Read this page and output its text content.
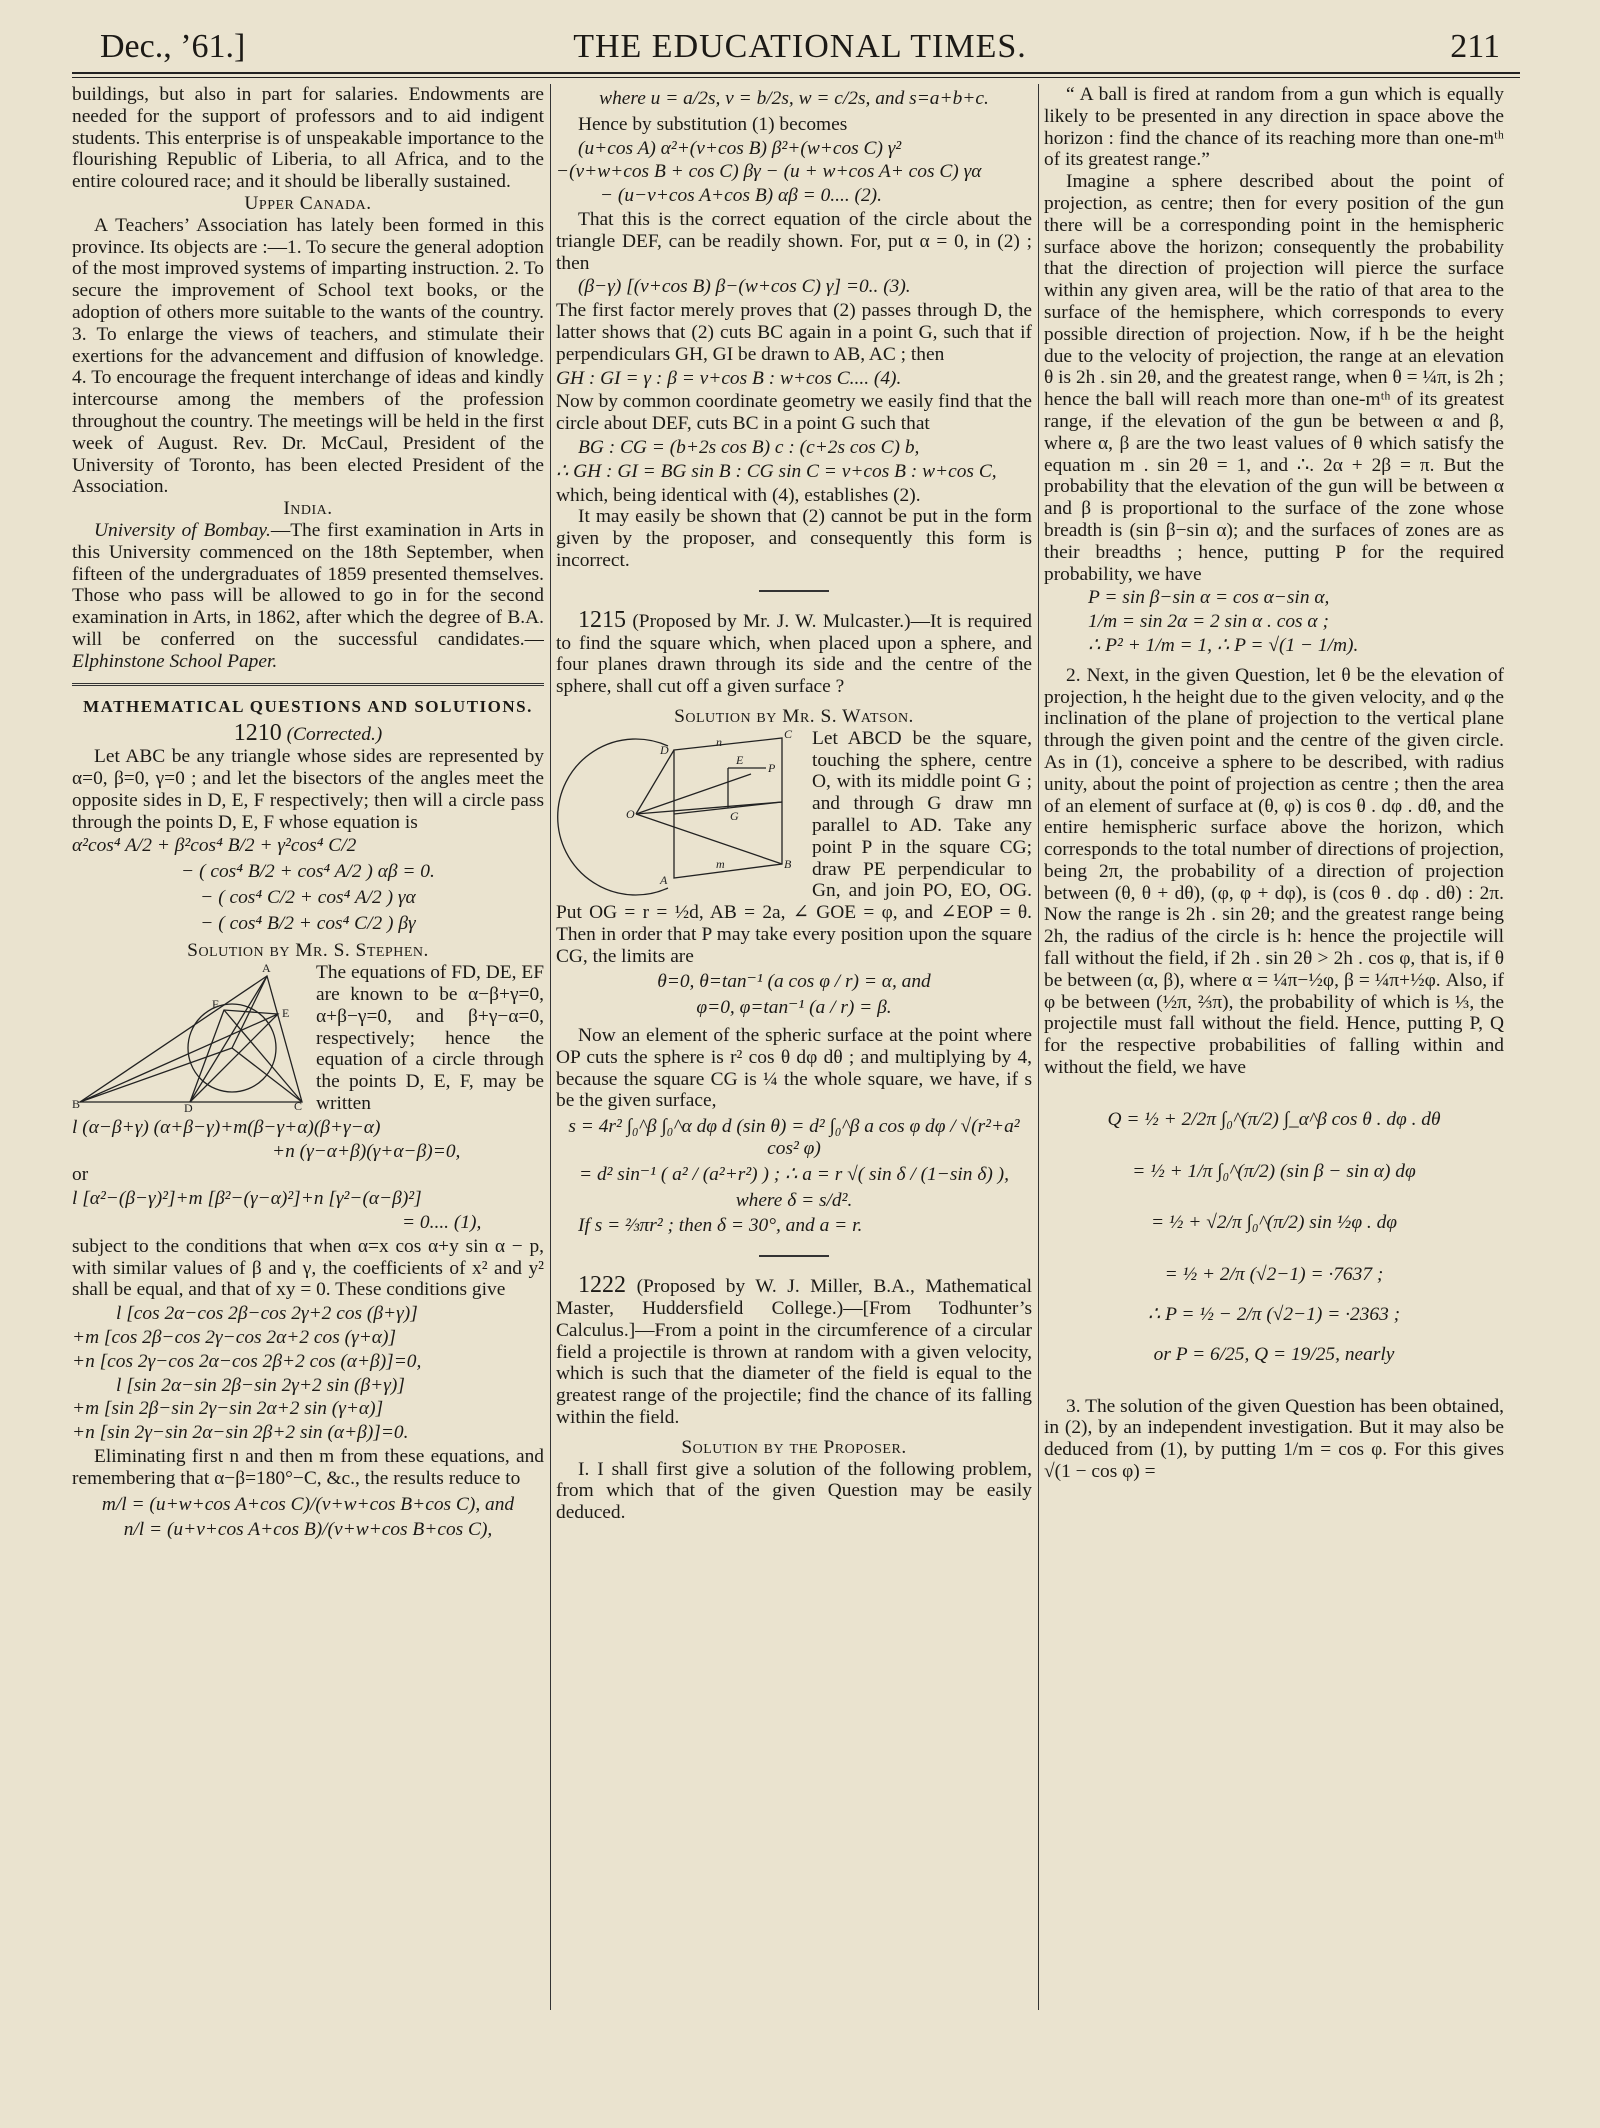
Dec., ’61.]	THE EDUCATIONAL TIMES.	211

buildings, but also in part for salaries. Endowments are needed for the support of professors and to aid indigent students. This enterprise is of unspeakable importance to the flourishing Republic of Liberia, to all Africa, and to the entire coloured race; and it should be liberally sustained.

Upper Canada.

A Teachers’ Association has lately been formed in this province. Its objects are :—1. To secure the general adoption of the most improved systems of imparting instruction. 2. To secure the improvement of School text books, or the adoption of others more suitable to the wants of the country. 3. To enlarge the views of teachers, and stimulate their exertions for the advancement and diffusion of knowledge. 4. To encourage the frequent interchange of ideas and kindly intercourse among the members of the profession throughout the country. The meetings will be held in the first week of August. Rev. Dr. McCaul, President of the University of Toronto, has been elected President of the Association.

India.

University of Bombay.—The first examination in Arts in this University commenced on the 18th September, when fifteen of the undergraduates of 1859 presented themselves. Those who pass will be allowed to go in for the second examination in Arts, in 1862, after which the degree of B.A. will be conferred on the successful candidates.—Elphinstone School Paper.

MATHEMATICAL QUESTIONS AND SOLUTIONS.

1210 (Corrected.)

Let ABC be any triangle whose sides are represented by α=0, β=0, γ=0 ; and let the bisectors of the angles meet the opposite sides in D, E, F respectively; then will a circle pass through the points D, E, F whose equation is

α²cos⁴ A/2 + β²cos⁴ B/2 + γ²cos⁴ C/2

− ( cos⁴ B/2 + cos⁴ A/2 ) αβ = 0.

− ( cos⁴ C/2 + cos⁴ A/2 ) γα

− ( cos⁴ B/2 + cos⁴ C/2 ) βγ

Solution by Mr. S. Stephen.

A
B	C
D
E
F

The equations of FD, DE, EF are known to be α−β+γ=0, α+β−γ=0, and β+γ−α=0, respectively; hence the equation of a circle through the points D, E, F, may be written

l (α−β+γ) (α+β−γ)+m(β−γ+α)(β+γ−α)

+n (γ−α+β)(γ+α−β)=0,

or

l [α²−(β−γ)²]+m [β²−(γ−α)²]+n [γ²−(α−β)²]

= 0.... (1),

subject to the conditions that when α=x cos α+y sin α − p, with similar values of β and γ, the coefficients of x² and y² shall be equal, and that of xy = 0. These conditions give

l [cos 2α−cos 2β−cos 2γ+2 cos (β+γ)]

+m [cos 2β−cos 2γ−cos 2α+2 cos (γ+α)]

+n [cos 2γ−cos 2α−cos 2β+2 cos (α+β)]=0,

l [sin 2α−sin 2β−sin 2γ+2 sin (β+γ)]

+m [sin 2β−sin 2γ−sin 2α+2 sin (γ+α)]

+n [sin 2γ−sin 2α−sin 2β+2 sin (α+β)]=0.

Eliminating first n and then m from these equations, and remembering that α−β=180°−C, &c., the results reduce to

m/l = (u+w+cos A+cos C)/(v+w+cos B+cos C), and

n/l = (u+v+cos A+cos B)/(v+w+cos B+cos C),

where u = a/2s, v = b/2s, w = c/2s, and s=a+b+c.

Hence by substitution (1) becomes

(u+cos A) α²+(v+cos B) β²+(w+cos C) γ²

−(v+w+cos B + cos C) βγ − (u + w+cos A+ cos C) γα

− (u−v+cos A+cos B) αβ = 0.... (2).

That this is the correct equation of the circle about the triangle DEF, can be readily shown. For, put α = 0, in (2) ; then

(β−γ) [(v+cos B) β−(w+cos C) γ] =0.. (3).

The first factor merely proves that (2) passes through D, the latter shows that (2) cuts BC again in a point G, such that if perpendiculars GH, GI be drawn to AB, AC ; then

GH : GI = γ : β = v+cos B : w+cos C.... (4).

Now by common coordinate geometry we easily find that the circle about DEF, cuts BC in a point G such that

BG : CG = (b+2s cos B) c : (c+2s cos C) b,

∴ GH : GI = BG sin B : CG sin C = v+cos B : w+cos C,

which, being identical with (4), establishes (2).

It may easily be shown that (2) cannot be put in the form given by the proposer, and consequently this form is incorrect.

1215 (Proposed by Mr. J. W. Mulcaster.)—It is required to find the square which, when placed upon a sphere, and four planes drawn through its side and the centre of the sphere, shall cut off a given surface ?

Solution by Mr. S. Watson.

D
C
B
A
O	G
E
P
n
m

Let ABCD be the square, touching the sphere, centre O, with its middle point G ; and through G draw mn parallel to AD. Take any point P in the square CG; draw PE perpendicular to Gn, and join PO, EO, OG. Put OG = r = ½d, AB = 2a, ∠ GOE = φ, and ∠EOP = θ. Then in order that P may take every position upon the square CG, the limits are

θ=0, θ=tan⁻¹ (a cos φ / r) = α, and

φ=0, φ=tan⁻¹ (a / r) = β.

Now an element of the spheric surface at the point where OP cuts the sphere is r² cos θ dφ dθ ; and multiplying by 4, because the square CG is ¼ the whole square, we have, if s be the given surface,

s = 4r² ∫₀^β ∫₀^α dφ d (sin θ) = d² ∫₀^β a cos φ dφ / √(r²+a² cos² φ)

= d² sin⁻¹ ( a² / (a²+r²) ) ; ∴ a = r √( sin δ / (1−sin δ) ),

where δ = s/d².

If s = ⅔πr² ; then δ = 30°, and a = r.

1222 (Proposed by W. J. Miller, B.A., Mathematical Master, Huddersfield College.)—[From Todhunter’s Calculus.]—From a point in the circumference of a circular field a projectile is thrown at random with a given velocity, which is such that the diameter of the field is equal to the greatest range of the projectile; find the chance of its falling within the field.

Solution by the Proposer.

I. I shall first give a solution of the following problem, from which that of the given Question may be easily deduced.

“ A ball is fired at random from a gun which is equally likely to be presented in any direction in space above the horizon : find the chance of its reaching more than one-mᵗʰ of its greatest range.”

Imagine a sphere described about the point of projection, as centre; then for every position of the gun there will be a corresponding point in the hemispheric surface above the horizon; consequently the probability that the direction of projection will pierce the surface within any given area, will be the ratio of that area to the surface of the hemisphere, which corresponds to every possible direction of projection. Now, if h be the height due to the velocity of projection, the range at an elevation θ is 2h . sin 2θ, and the greatest range, when θ = ¼π, is 2h ; hence the ball will reach more than one-mᵗʰ of its greatest range, if the elevation of the gun be between α and β, where α, β are the two least values of θ which satisfy the equation m . sin 2θ = 1, and ∴. 2α + 2β = π. But the probability that the elevation of the gun will be between α and β is proportional to the surface of the zone whose breadth is (sin β−sin α); and the surfaces of zones are as their breadths ; hence, putting P for the required probability, we have

P = sin β−sin α = cos α−sin α,

1/m = sin 2α = 2 sin α . cos α ;

∴ P² + 1/m = 1, ∴ P = √(1 − 1/m).

2. Next, in the given Question, let θ be the elevation of projection, h the height due to the given velocity, and φ the inclination of the plane of projection to the vertical plane through the given point and the centre of the given circle. As in (1), conceive a sphere to be described, with radius unity, about the point of projection as centre ; then the area of an element of surface at (θ, φ) is cos θ . dφ . dθ, and the entire hemispheric surface above the horizon, which corresponds to the total number of directions of projection, being 2π, the probability of a direction of projection between (θ, θ + dθ), (φ, φ + dφ), is (cos θ . dφ . dθ) : 2π. Now the range is 2h . sin 2θ; and the greatest range being 2h, the radius of the circle is h: hence the projectile will fall without the field, if 2h . sin 2θ > 2h . cos φ, that is, if θ be between (α, β), where α = ¼π−½φ, β = ¼π+½φ. Also, if φ be between (½π, ⅔π), the probability of which is ⅓, the projectile must fall without the field. Hence, putting P, Q for the respective probabilities of falling within and without the field, we have

Q = ½ + 2/2π ∫₀^(π/2) ∫_α^β cos θ . dφ . dθ

= ½ + 1/π ∫₀^(π/2) (sin β − sin α) dφ

= ½ + √2/π ∫₀^(π/2) sin ½φ . dφ

= ½ + 2/π (√2−1) = ·7637 ;

∴ P = ½ − 2/π (√2−1) = ·2363 ;

or P = 6/25, Q = 19/25, nearly

3. The solution of the given Question has been obtained, in (2), by an independent investigation. But it may also be deduced from (1), by putting 1/m = cos φ. For this gives √(1 − cos φ) =
